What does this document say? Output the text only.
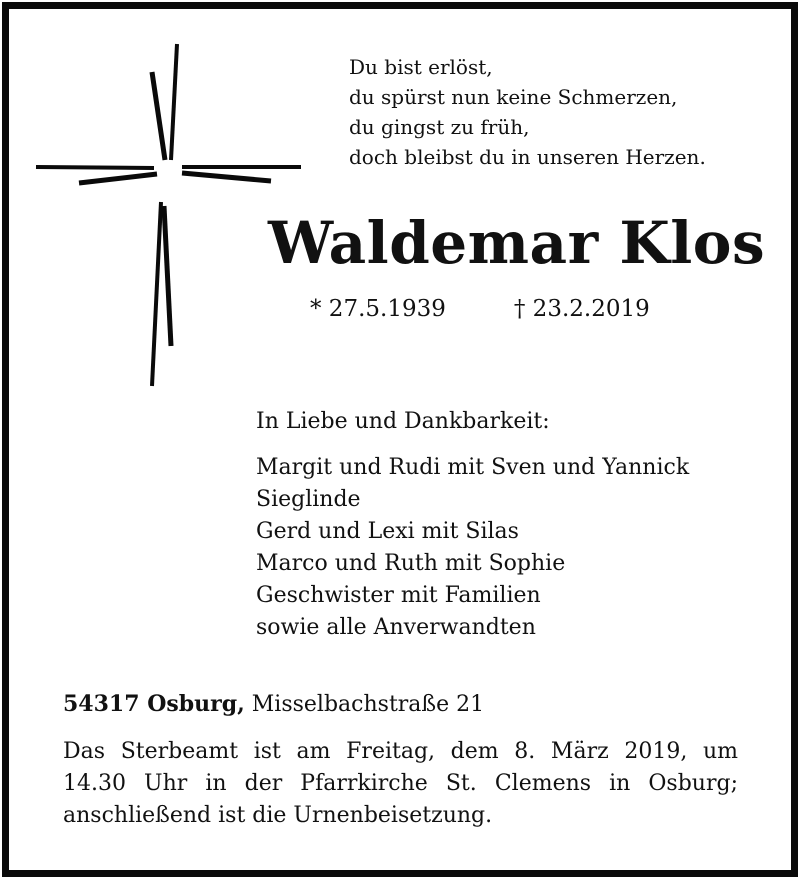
Du bist erlöst,
du spürst nun keine Schmerzen,
du gingst zu früh,
doch bleibst du in unseren Herzen.
Waldemar Klos
* 27.5.1939	† 23.2.2019
In Liebe und Dankbarkeit:
Margit und Rudi mit Sven und Yannick
Sieglinde
Gerd und Lexi mit Silas
Marco und Ruth mit Sophie
Geschwister mit Familien
sowie alle Anverwandten
54317 Osburg, Misselbachstraße 21
Das Sterbeamt ist am Freitag, dem 8. März 2019, um
14.30 Uhr in der Pfarrkirche St. Clemens in Osburg;
anschließend ist die Urnenbeisetzung.
